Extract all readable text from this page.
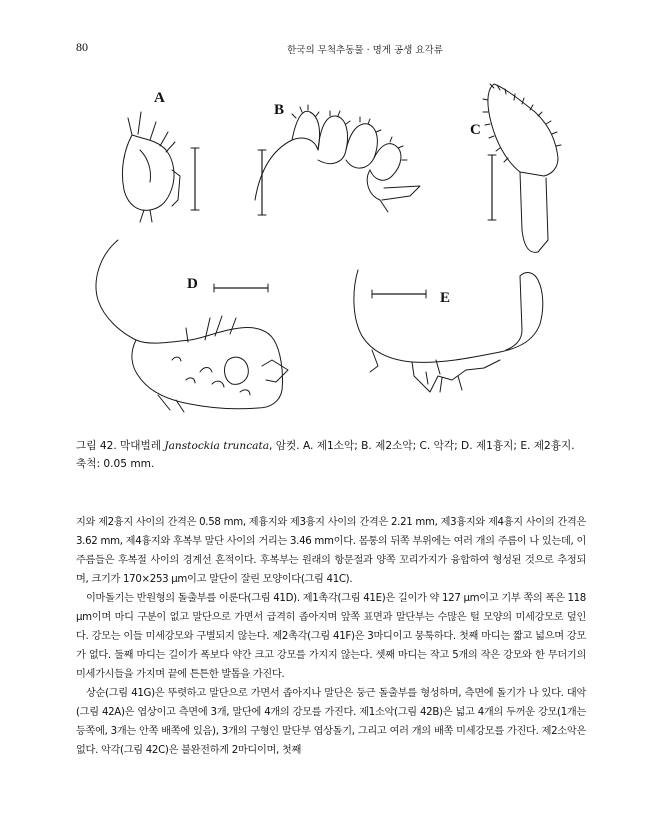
80	한국의 무척추동물 · 명게 공생 요각류
A
B
C
D
E
그림 42. 막대벌레 Janstockia truncata, 암컷. A. 제1소악; B. 제2소악; C. 악각; D. 제1흉지; E. 제2흉지. 축척: 0.05 mm.

지와 제2흉지 사이의 간격은 0.58 mm, 제흉지와 제3흉지 사이의 간격은 2.21 mm, 제3흉지와 제4흉지 사이의 간격은 3.62 mm, 제4흉지와 후복부 말단 사이의 거리는 3.46 mm이다. 몸통의 뒤쪽 부위에는 여러 개의 주름이 나 있는데, 이 주름들은 후복절 사이의 경계선 흔적이다. 후복부는 원래의 항문절과 양쪽 꼬리가지가 융합하여 형성된 것으로 추정되며, 크기가 170×253 μm이고 말단이 잘린 모양이다(그림 41C).

이마돌기는 반원형의 돌출부를 이룬다(그림 41D). 제1촉각(그림 41E)은 길이가 약 127 μm이고 기부 쪽의 폭은 118 μm이며 마디 구분이 없고 말단으로 가면서 급격히 좁아지며 앞쪽 표면과 말단부는 수많은 털 모양의 미세강모로 덮인다. 강모는 이들 미세강모와 구별되지 않는다. 제2촉각(그림 41F)은 3마디이고 뭉툭하다. 첫째 마디는 짧고 넓으며 강모가 없다. 둘째 마디는 길이가 폭보다 약간 크고 강모를 가지지 않는다. 셋째 마디는 작고 5개의 작은 강모와 한 무더기의 미세가시들을 가지며 끝에 튼튼한 발톱을 가진다.

상순(그림 41G)은 뚜렷하고 말단으로 가면서 좁아지나 말단은 둥근 돌출부를 형성하며, 측면에 돌기가 나 있다. 대악(그림 42A)은 엽상이고 측면에 3개, 말단에 4개의 강모를 가진다. 제1소악(그림 42B)은 넓고 4개의 두꺼운 강모(1개는 등쪽에, 3개는 안쪽 배쪽에 있음), 3개의 구형인 말단부 엽상돌기, 그리고 여러 개의 배쪽 미세강모를 가진다. 제2소악은 없다. 악각(그림 42C)은 불완전하게 2마디이며, 첫째
